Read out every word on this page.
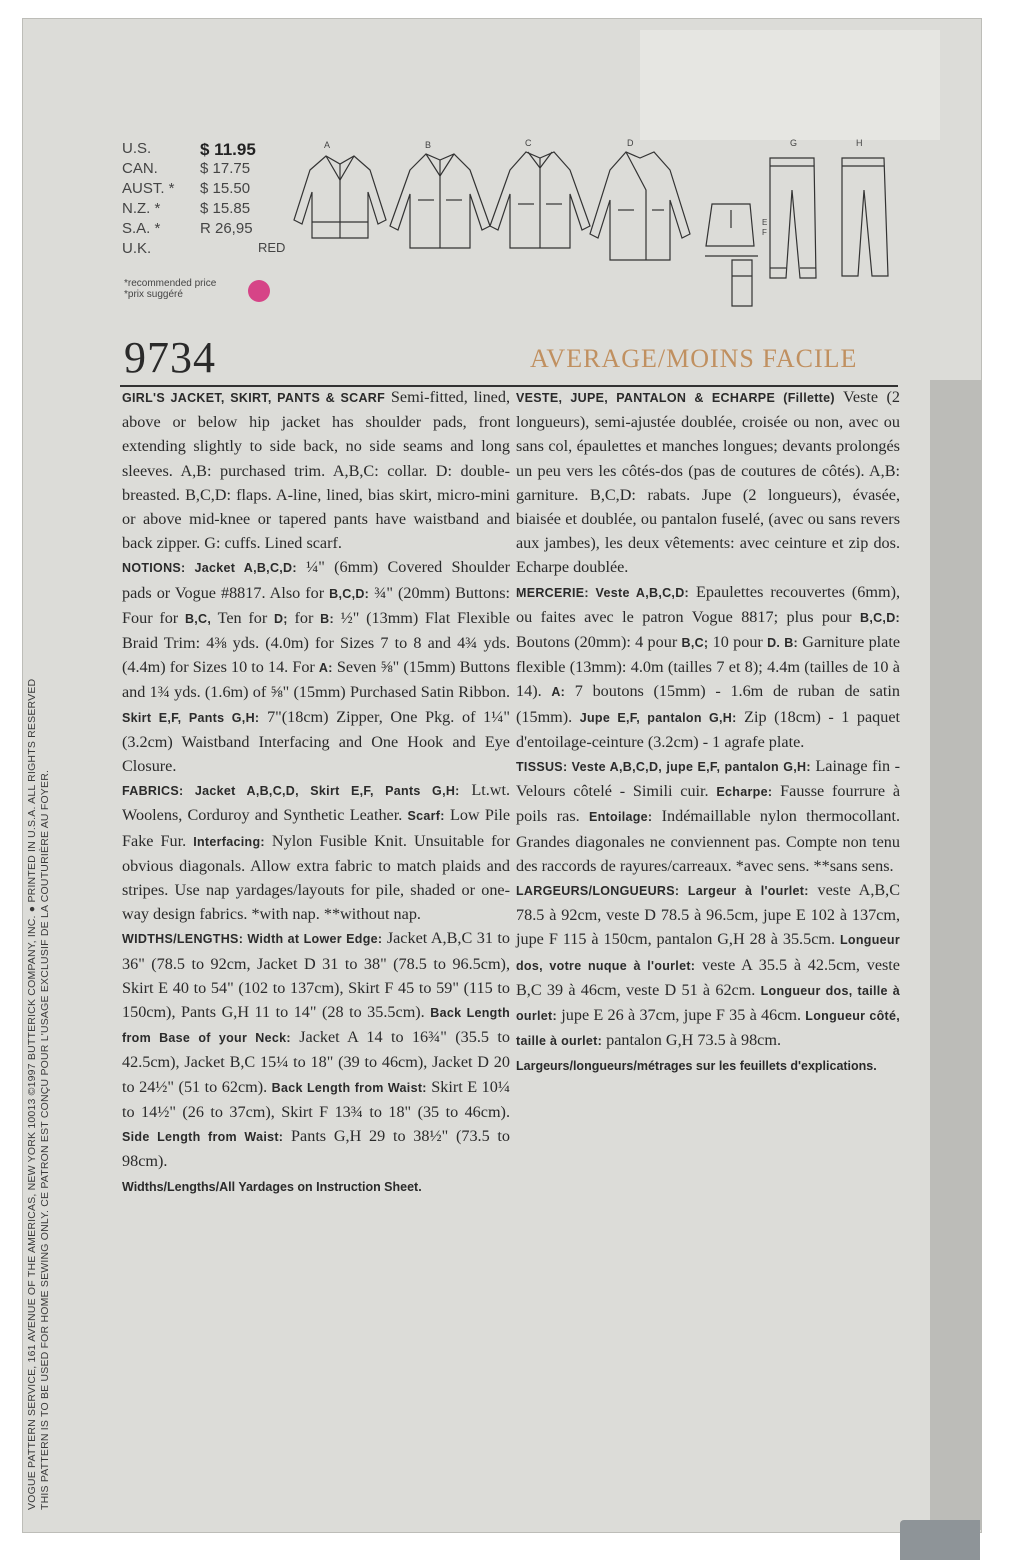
VOGUE PATTERN SERVICE, 161 AVENUE OF THE AMERICAS, NEW YORK 10013 ©1997 BUTTERICK COMPANY, INC. ● PRINTED IN U.S.A. ALL RIGHTS RESERVED THIS PATTERN IS TO BE USED FOR HOME SEWING ONLY. CE PATRON EST CONÇU POUR L'USAGE EXCLUSIF DE LA COUTURIÈRE AU FOYER.
U.S.	$ 11.95
CAN.	$ 17.75
AUST. * $ 15.50
N.Z. *	$ 15.85
S.A. *	R 26,95
U.K.	RED
*recommended price
*prix suggéré
A	B	C	D	G	H
E
F
9734	AVERAGE/MOINS FACILE

GIRL'S JACKET, SKIRT, PANTS & SCARF Semi-fitted, lined, above or below hip jacket has shoulder pads, front extending slightly to side back, no side seams and long sleeves. A,B: purchased trim. A,B,C: collar. D: double-breasted. B,C,D: flaps. A-line, lined, bias skirt, micro-mini or above mid-knee or tapered pants have waistband and back zipper. G: cuffs. Lined scarf.

NOTIONS: Jacket A,B,C,D: ¼" (6mm) Covered Shoulder pads or Vogue #8817. Also for B,C,D: ¾" (20mm) Buttons: Four for B,C, Ten for D; for B: ½" (13mm) Flat Flexible Braid Trim: 4⅜ yds. (4.0m) for Sizes 7 to 8 and 4¾ yds. (4.4m) for Sizes 10 to 14. For A: Seven ⅝" (15mm) Buttons and 1¾ yds. (1.6m) of ⅝" (15mm) Purchased Satin Ribbon. Skirt E,F, Pants G,H: 7"(18cm) Zipper, One Pkg. of 1¼" (3.2cm) Waistband Interfacing and One Hook and Eye Closure.

FABRICS: Jacket A,B,C,D, Skirt E,F, Pants G,H: Lt.wt. Woolens, Corduroy and Synthetic Leather. Scarf: Low Pile Fake Fur. Interfacing: Nylon Fusible Knit. Unsuitable for obvious diagonals. Allow extra fabric to match plaids and stripes. Use nap yardages/layouts for pile, shaded or one-way design fabrics. *with nap. **without nap.

WIDTHS/LENGTHS: Width at Lower Edge: Jacket A,B,C 31 to 36" (78.5 to 92cm, Jacket D 31 to 38" (78.5 to 96.5cm), Skirt E 40 to 54" (102 to 137cm), Skirt F 45 to 59" (115 to 150cm), Pants G,H 11 to 14" (28 to 35.5cm). Back Length from Base of your Neck: Jacket A 14 to 16¾" (35.5 to 42.5cm), Jacket B,C 15¼ to 18" (39 to 46cm), Jacket D 20 to 24½" (51 to 62cm). Back Length from Waist: Skirt E 10¼ to 14½" (26 to 37cm), Skirt F 13¾ to 18" (35 to 46cm). Side Length from Waist: Pants G,H 29 to 38½" (73.5 to 98cm).

Widths/Lengths/All Yardages on Instruction Sheet.

VESTE, JUPE, PANTALON & ECHARPE (Fillette) Veste (2 longueurs), semi-ajustée doublée, croisée ou non, avec ou sans col, épaulettes et manches longues; devants prolongés un peu vers les côtés-dos (pas de coutures de côtés). A,B: garniture. B,C,D: rabats. Jupe (2 longueurs), évasée, biaisée et doublée, ou pantalon fuselé, (avec ou sans revers aux jambes), les deux vêtements: avec ceinture et zip dos. Echarpe doublée.

MERCERIE: Veste A,B,C,D: Epaulettes recouvertes (6mm), ou faites avec le patron Vogue 8817; plus pour B,C,D: Boutons (20mm): 4 pour B,C; 10 pour D. B: Garniture plate flexible (13mm): 4.0m (tailles 7 et 8); 4.4m (tailles de 10 à 14). A: 7 boutons (15mm) - 1.6m de ruban de satin (15mm). Jupe E,F, pantalon G,H: Zip (18cm) - 1 paquet d'entoilage-ceinture (3.2cm) - 1 agrafe plate.

TISSUS: Veste A,B,C,D, jupe E,F, pantalon G,H: Lainage fin - Velours côtelé - Simili cuir. Echarpe: Fausse fourrure à poils ras. Entoilage: Indémaillable nylon thermocollant. Grandes diagonales ne conviennent pas. Compte non tenu des raccords de rayures/carreaux. *avec sens. **sans sens.

LARGEURS/LONGUEURS: Largeur à l'ourlet: veste A,B,C 78.5 à 92cm, veste D 78.5 à 96.5cm, jupe E 102 à 137cm, jupe F 115 à 150cm, pantalon G,H 28 à 35.5cm. Longueur dos, votre nuque à l'ourlet: veste A 35.5 à 42.5cm, veste B,C 39 à 46cm, veste D 51 à 62cm. Longueur dos, taille à ourlet: jupe E 26 à 37cm, jupe F 35 à 46cm. Longueur côté, taille à ourlet: pantalon G,H 73.5 à 98cm.

Largeurs/longueurs/métrages sur les feuillets d'explications.
